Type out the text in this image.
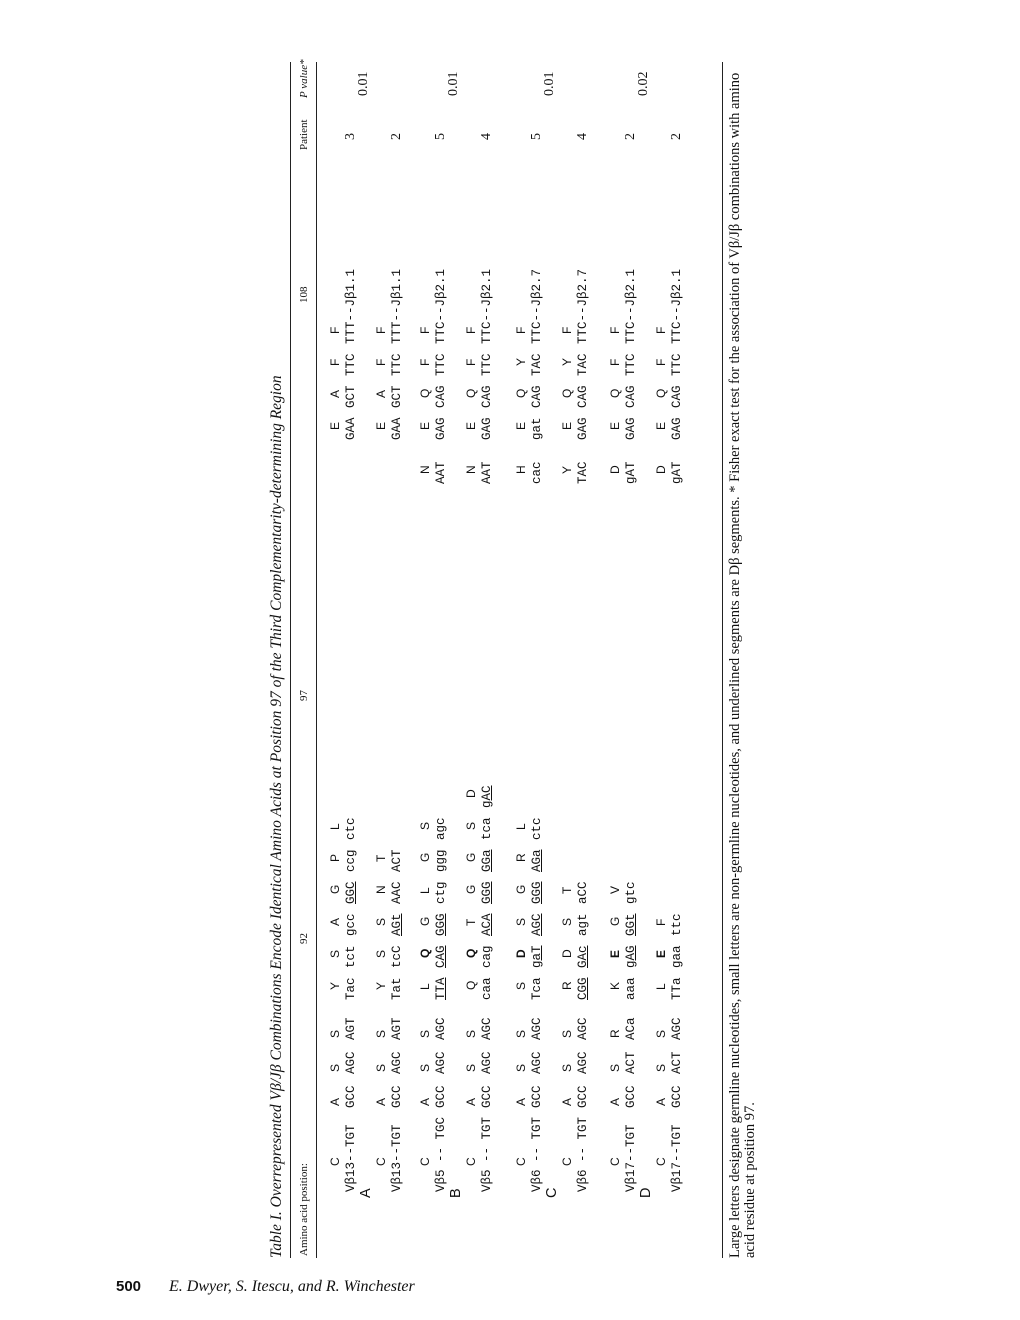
500 E. Dwyer, S. Itescu, and R. Winchester
Table I. Overrepresented Vβ/Jβ Combinations Encode Identical Amino Acids at Position 97 of the Third Complementarity-determining Region Amino acid position:
92
97
108
Patient
P value*
A
0.01
C
A
S
S
Vβ13--TGT
GCC
AGC
AGT
Y
S
A
G
P
L
Tac
tct
gcc
GGC
ccg
ctc
E
A
F
F
GAA
GCT
TTC
TTT--Jβ1.1
3
C
A
S
S
Vβ13--TGT
GCC
AGC
AGT
Y
S
S
N
T
Tat
tcC
AGt
AAC
ACT
E
A
F
F
GAA
GCT
TTC
TTT--Jβ1.1
2
B
0.01
C
A
S
S
Vβ5 -- TGC
GCC
AGC
AGC
L
Q
G
L
G
S
N
TTA
CAG
GGG
ctg
ggg
agc
AAT
E
Q
F
F
GAG
CAG
TTC
TTC--Jβ2.1
5
C
A
S
S
Vβ5 -- TGT
GCC
AGC
AGC
Q
Q
T
G
G
S
D
N
caa
cag
ACA
GGG
GGa
tca
gAC
AAT
E
Q
F
F
GAG
CAG
TTC
TTC--Jβ2.1
4
C
0.01
C
A
S
S
Vβ6 -- TGT
GCC
AGC
AGC
S
D
S
G
R
L
H
Tca
gaT
AGC
GGG
AGa
ctc
cac
E
Q
Y
F
gat
CAG
TAC
TTC--Jβ2.7
5
C
A
S
S
Vβ6 -- TGT
GCC
AGC
AGC
R
D
S
T
Y
CGG
GAc
agt
aCC
TAC
E
Q
Y
F
GAG
CAG
TAC
TTC--Jβ2.7
4
D
0.02
C
A
S
R
Vβ17--TGT
GCC
ACT
ACa
K
E
G
V
D
aaa
gAG
GGt
gtc
gAT
E
Q
F
F
GAG
CAG
TTC
TTC--Jβ2.1
2
C
A
S
S
Vβ17--TGT
GCC
ACT
AGC
L
E
F
D
TTa
gaa
ttc
gAT
E
Q
F
F
GAG
CAG
TTC
TTC--Jβ2.1
2	Large letters designate germline nucleotides, small letters are non-germline nucleotides, and underlined segments are Dβ segments. * Fisher exact test for the association of Vβ/Jβ combinations with amino acid residue at position 97.
